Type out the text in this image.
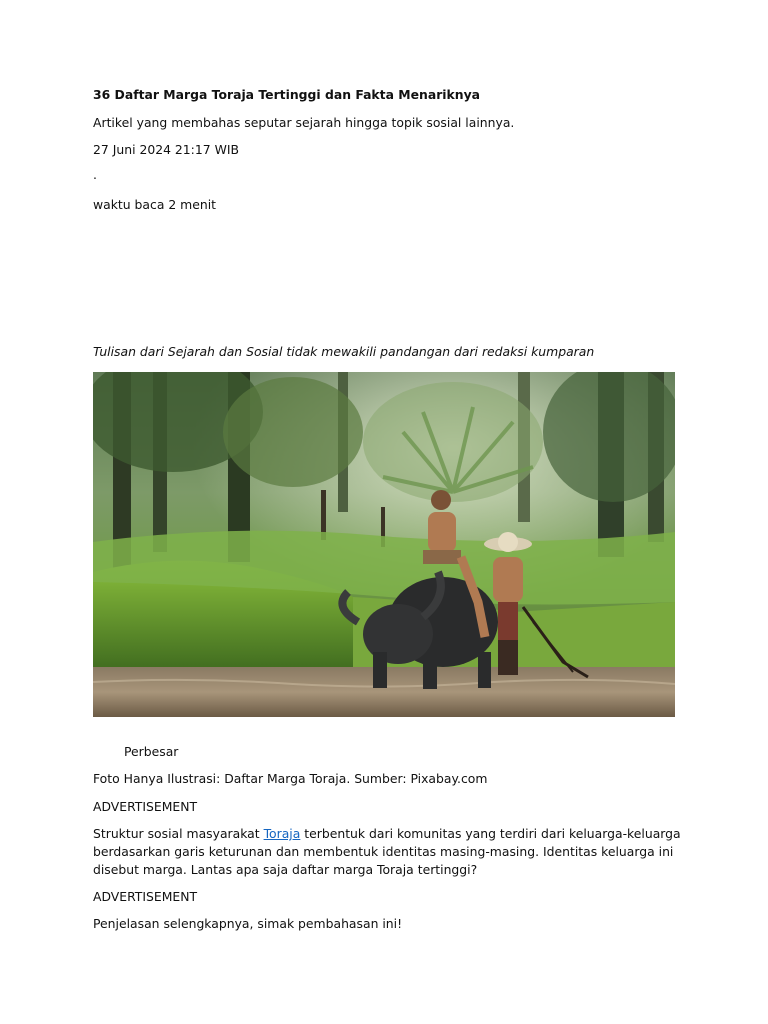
36 Daftar Marga Toraja Tertinggi dan Fakta Menariknya

Artikel yang membahas seputar sejarah hingga topik sosial lainnya.

27 Juni 2024 21:17 WIB

.

waktu baca 2 menit

Tulisan dari Sejarah dan Sosial tidak mewakili pandangan dari redaksi kumparan

Perbesar

Foto Hanya Ilustrasi: Daftar Marga Toraja. Sumber: Pixabay.com

ADVERTISEMENT

Struktur sosial masyarakat Toraja terbentuk dari komunitas yang terdiri dari keluarga-keluarga berdasarkan garis keturunan dan membentuk identitas masing-masing. Identitas keluarga ini disebut marga. Lantas apa saja daftar marga Toraja tertinggi?

ADVERTISEMENT

Penjelasan selengkapnya, simak pembahasan ini!
